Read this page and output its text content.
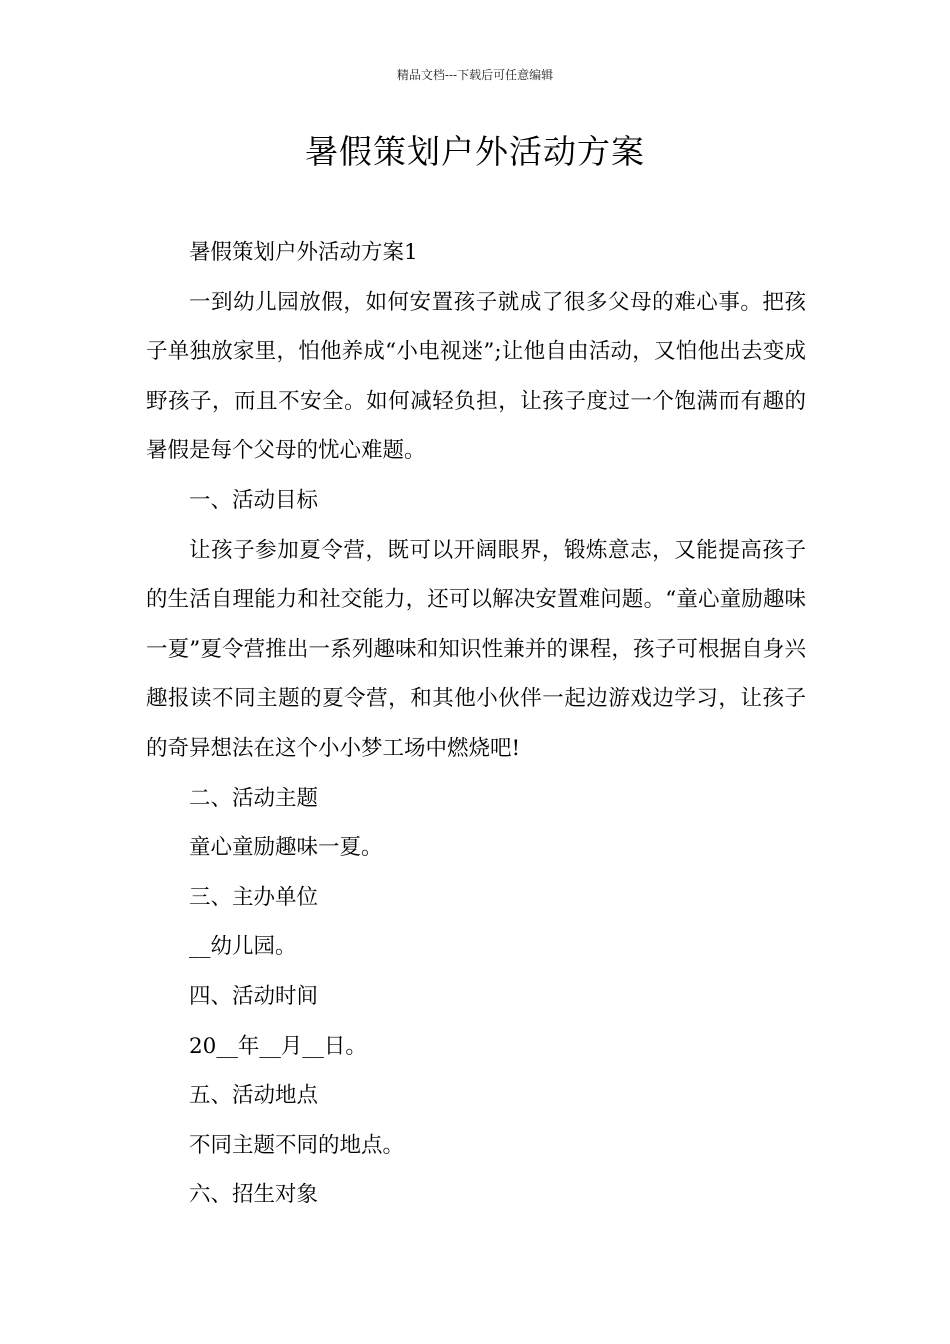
精品文档---下载后可任意编辑
暑假策划户外活动方案

暑假策划户外活动方案1

一到幼儿园放假，如何安置孩子就成了很多父母的难心事。把孩子单独放家里，怕他养成“小电视迷”;让他自由活动，又怕他出去变成野孩子，而且不安全。如何减轻负担，让孩子度过一个饱满而有趣的暑假是每个父母的忧心难题。

一、活动目标

让孩子参加夏令营，既可以开阔眼界，锻炼意志，又能提高孩子的生活自理能力和社交能力，还可以解决安置难问题。“童心童励趣味一夏”夏令营推出一系列趣味和知识性兼并的课程，孩子可根据自身兴趣报读不同主题的夏令营，和其他小伙伴一起边游戏边学习，让孩子的奇异想法在这个小小梦工场中燃烧吧!

二、活动主题

童心童励趣味一夏。

三、主办单位

__幼儿园。

四、活动时间

20__年__月__日。

五、活动地点

不同主题不同的地点。

六、招生对象
